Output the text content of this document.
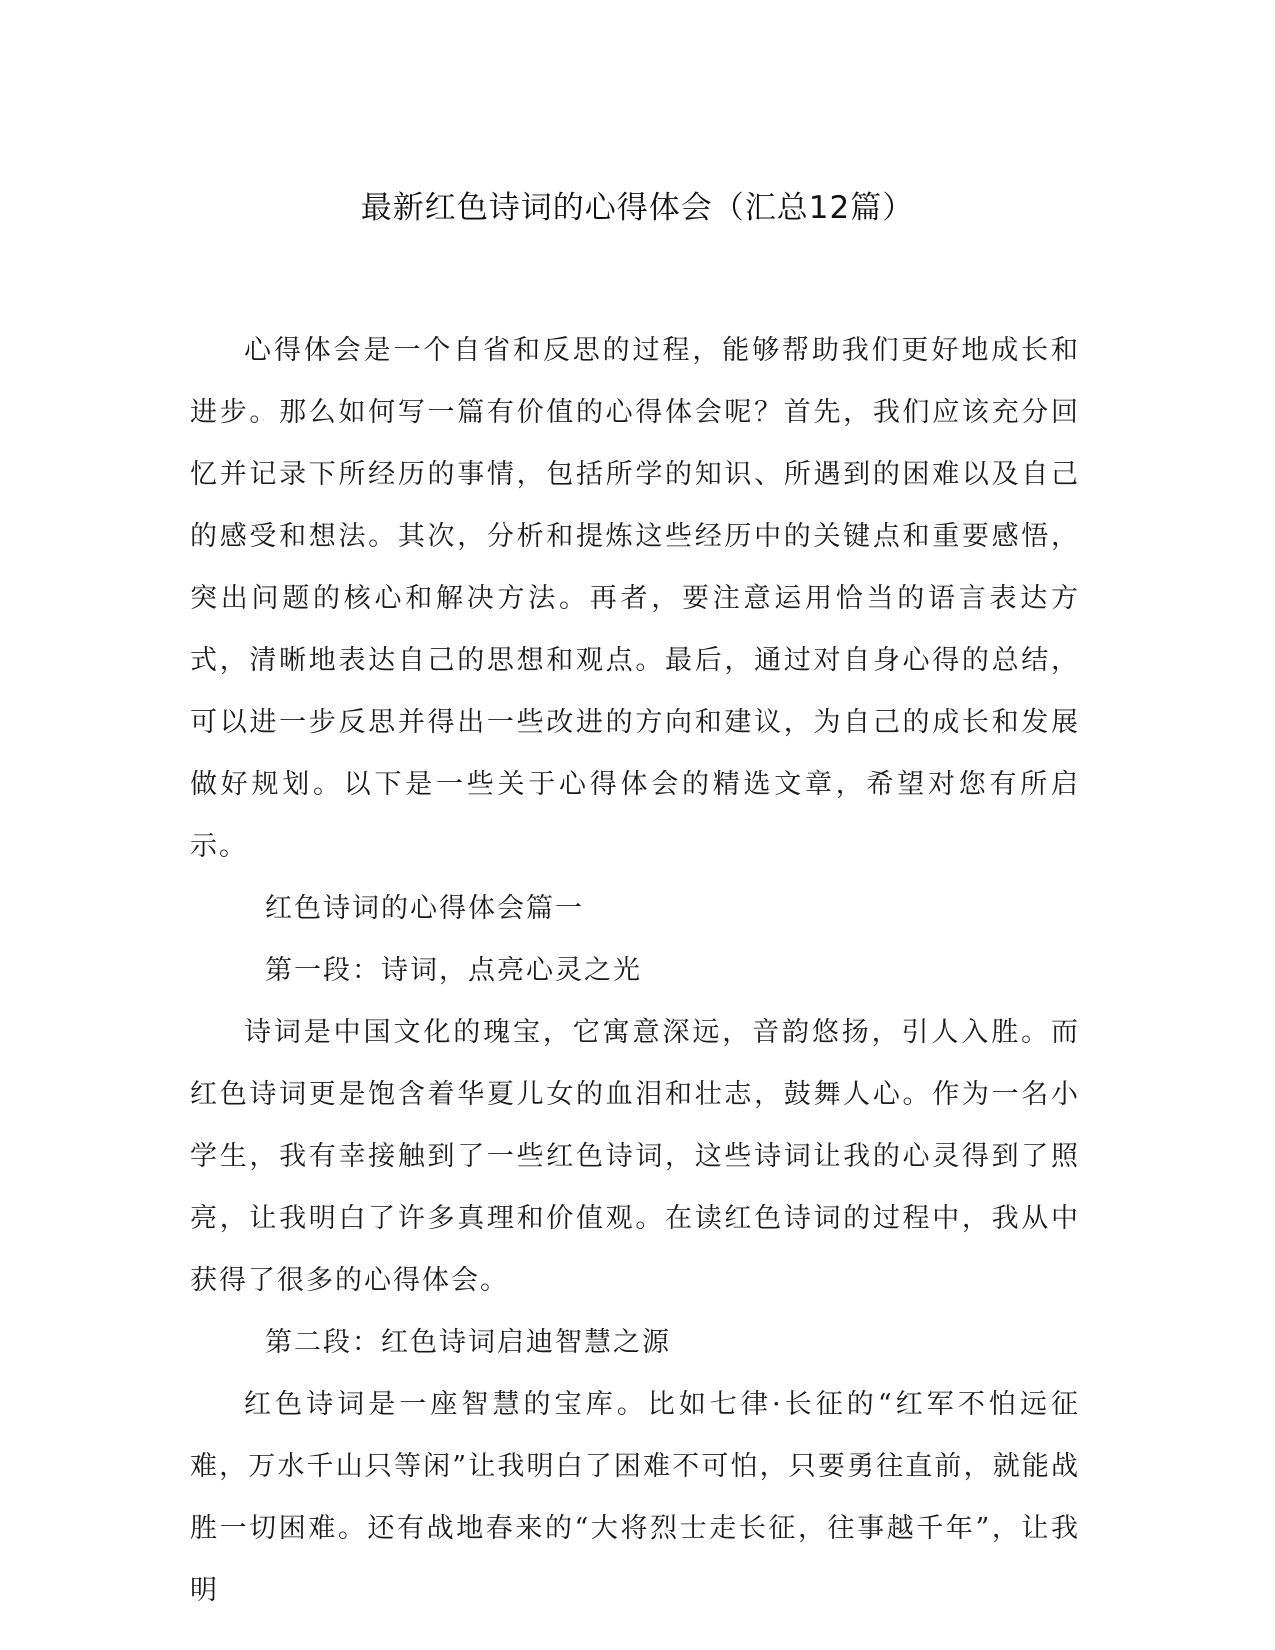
最新红色诗词的心得体会（汇总12篇）

心得体会是一个自省和反思的过程，能够帮助我们更好地成长和进步。那么如何写一篇有价值的心得体会呢？首先，我们应该充分回忆并记录下所经历的事情，包括所学的知识、所遇到的困难以及自己的感受和想法。其次，分析和提炼这些经历中的关键点和重要感悟，突出问题的核心和解决方法。再者，要注意运用恰当的语言表达方式，清晰地表达自己的思想和观点。最后，通过对自身心得的总结，可以进一步反思并得出一些改进的方向和建议，为自己的成长和发展做好规划。以下是一些关于心得体会的精选文章，希望对您有所启示。

红色诗词的心得体会篇一
第一段：诗词，点亮心灵之光

诗词是中国文化的瑰宝，它寓意深远，音韵悠扬，引人入胜。而红色诗词更是饱含着华夏儿女的血泪和壮志，鼓舞人心。作为一名小学生，我有幸接触到了一些红色诗词，这些诗词让我的心灵得到了照亮，让我明白了许多真理和价值观。在读红色诗词的过程中，我从中获得了很多的心得体会。

第二段：红色诗词启迪智慧之源

红色诗词是一座智慧的宝库。比如七律·长征的“红军不怕远征难，万水千山只等闲”让我明白了困难不可怕，只要勇往直前，就能战胜一切困难。还有战地春来的“大将烈士走长征，往事越千年”，让我明
